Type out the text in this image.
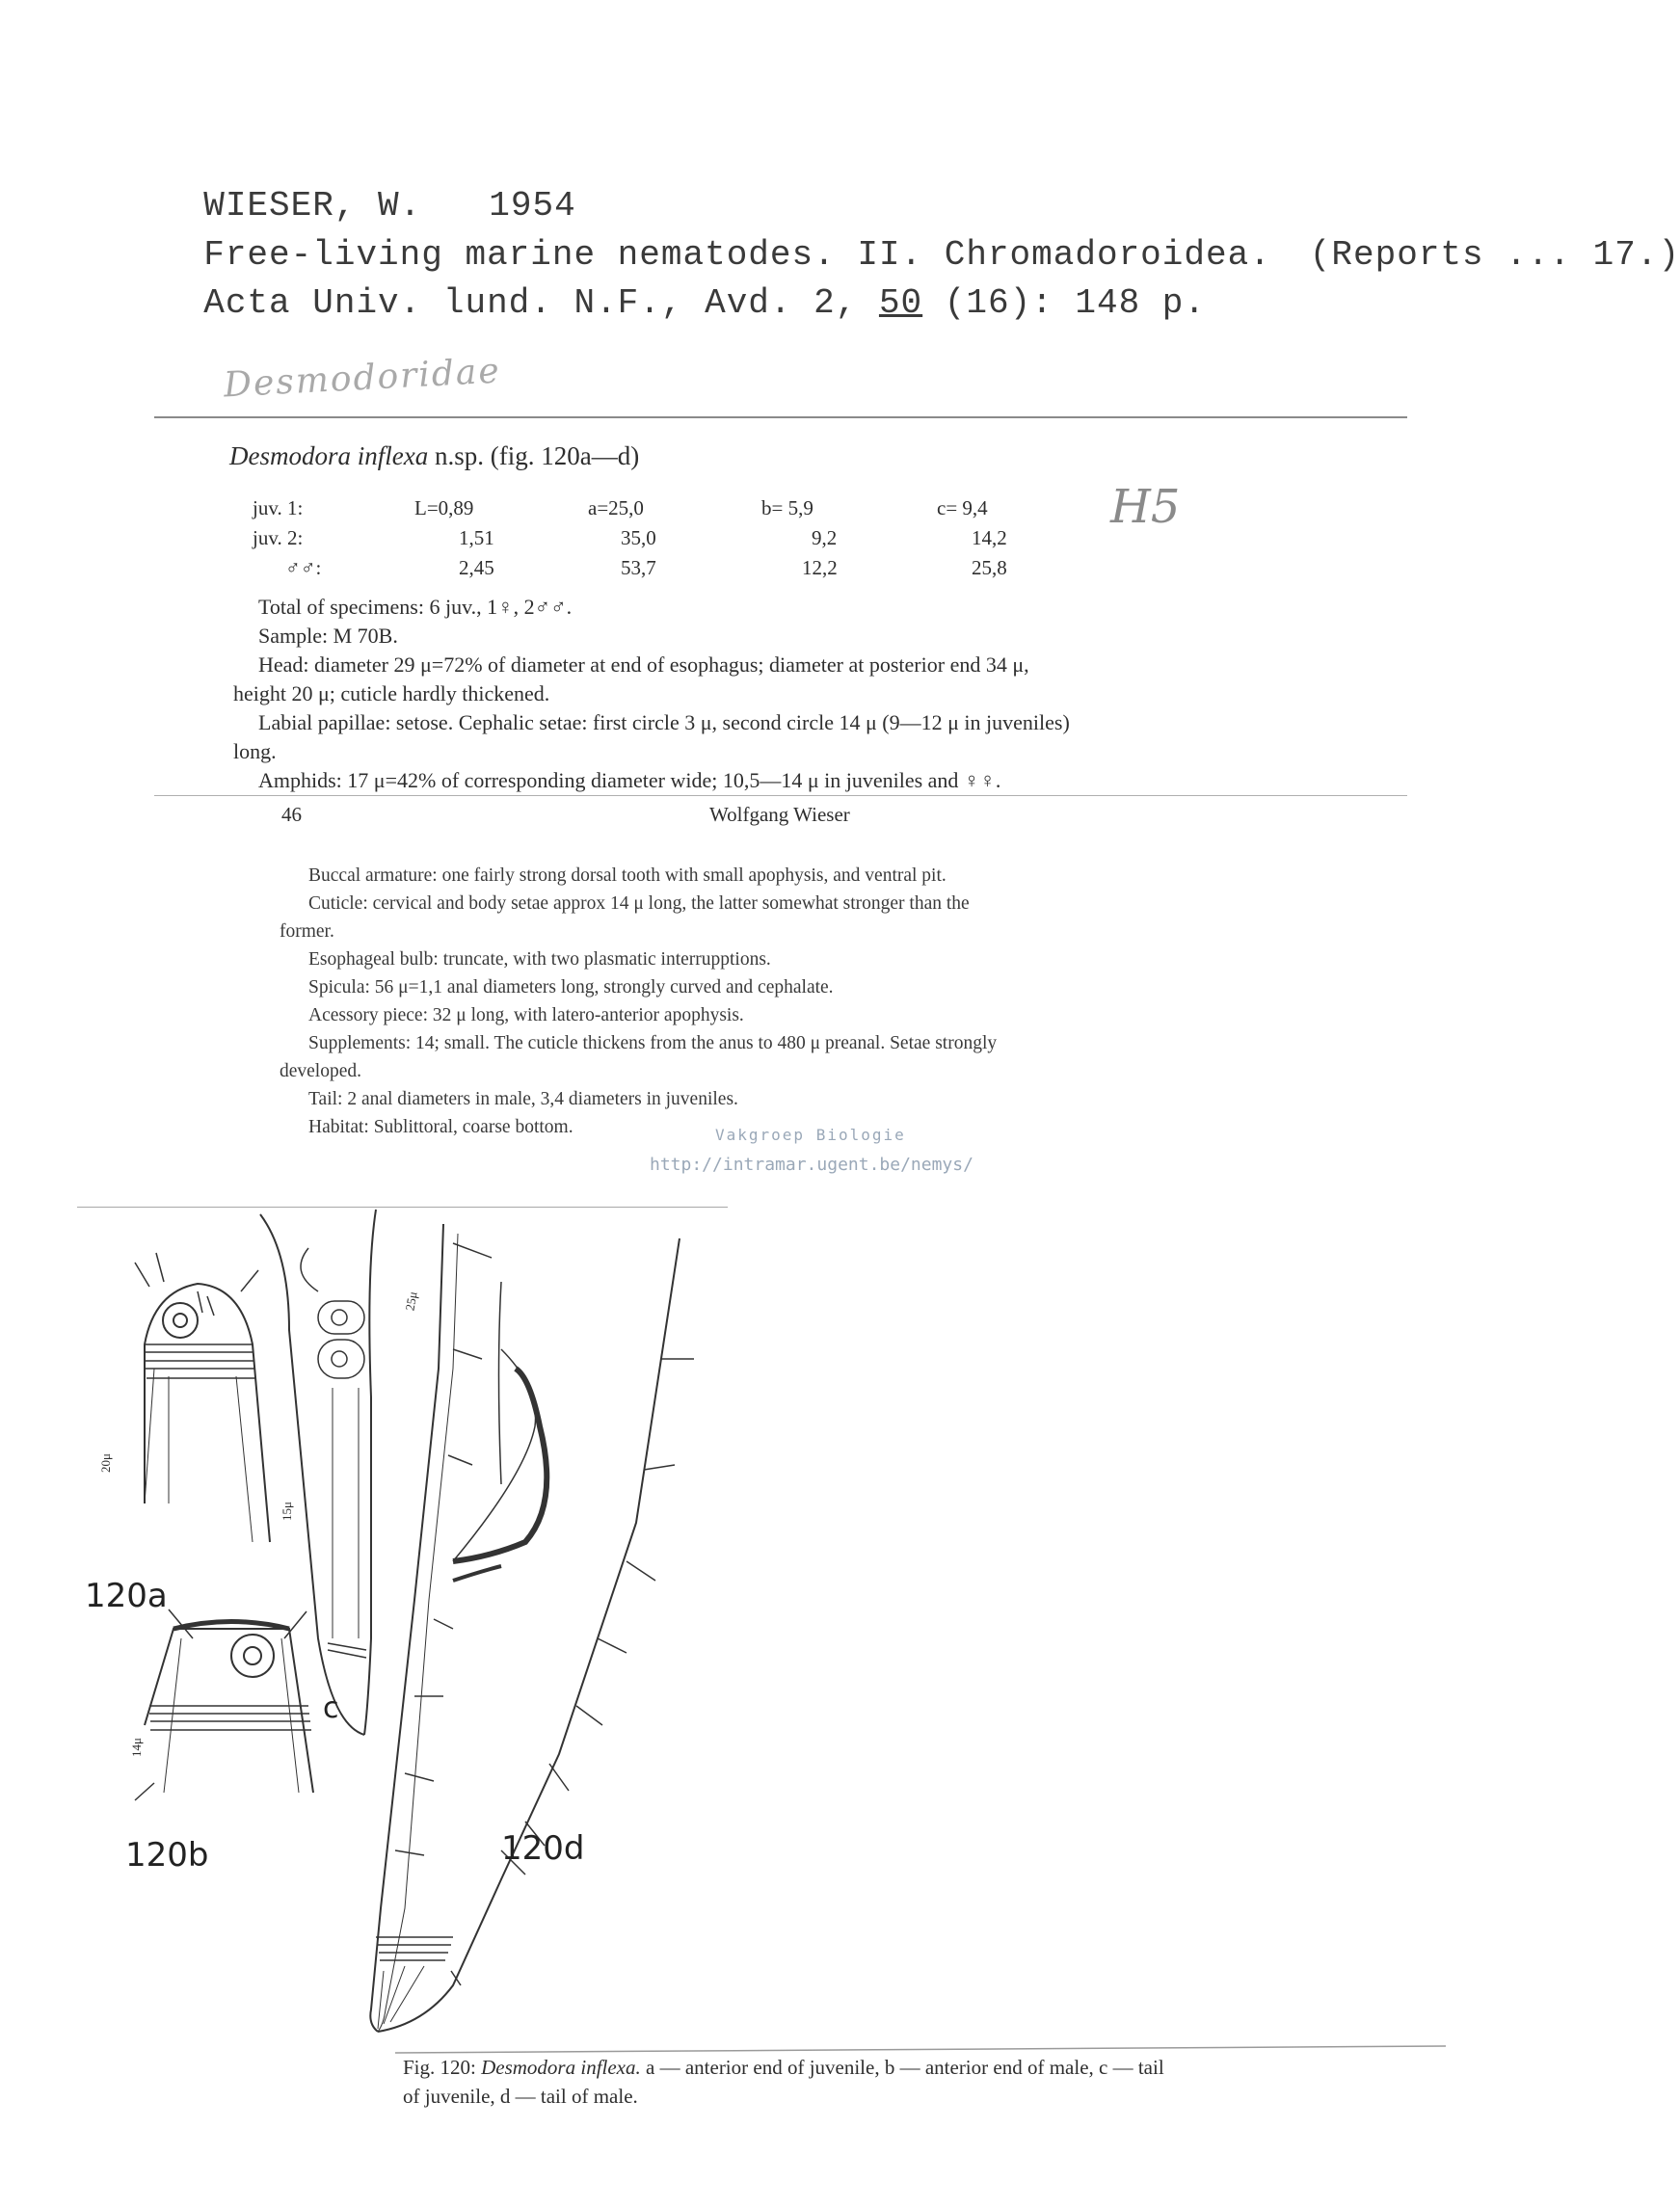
WIESER, W. 1954

Free-living marine nematodes. II. Chromadoroidea. (Reports ... 17.)

Acta Univ. lund. N.F., Avd. 2, 50 (16): 148 p.

Desmodoridae
Desmodora inflexa n.sp. (fig. 120a—d)
H5
juv. 1:	L=0,89	a=25,0	b= 5,9	c= 9,4
juv. 2:	1,51	35,0	9,2	14,2
♂♂:	2,45	53,7	12,2	25,8
Total of specimens: 6 juv., 1♀, 2♂♂.
Sample: M 70B.
Head: diameter 29 μ=72% of diameter at end of esophagus; diameter at posterior end 34 μ,
height 20 μ; cuticle hardly thickened.
Labial papillae: setose. Cephalic setae: first circle 3 μ, second circle 14 μ (9—12 μ in juveniles)
long.
Amphids: 17 μ=42% of corresponding diameter wide; 10,5—14 μ in juveniles and ♀♀.
46	Wolfgang Wieser
Buccal armature: one fairly strong dorsal tooth with small apophysis, and ventral pit.
Cuticle: cervical and body setae approx 14 μ long, the latter somewhat stronger than the
former.
Esophageal bulb: truncate, with two plasmatic interrupptions.
Spicula: 56 μ=1,1 anal diameters long, strongly curved and cephalate.
Acessory piece: 32 μ long, with latero-anterior apophysis.
Supplements: 14; small. The cuticle thickens from the anus to 480 μ preanal. Setae strongly
developed.
Tail: 2 anal diameters in male, 3,4 diameters in juveniles.
Habitat: Sublittoral, coarse bottom.	Vakgroep Biologie
http://intramar.ugent.be/nemys/
20μ
15μ
14μ
25μ
120a
c
120b	120d
Fig. 120: Desmodora inflexa. a — anterior end of juvenile, b — anterior end of male, c — tail
of juvenile, d — tail of male.
